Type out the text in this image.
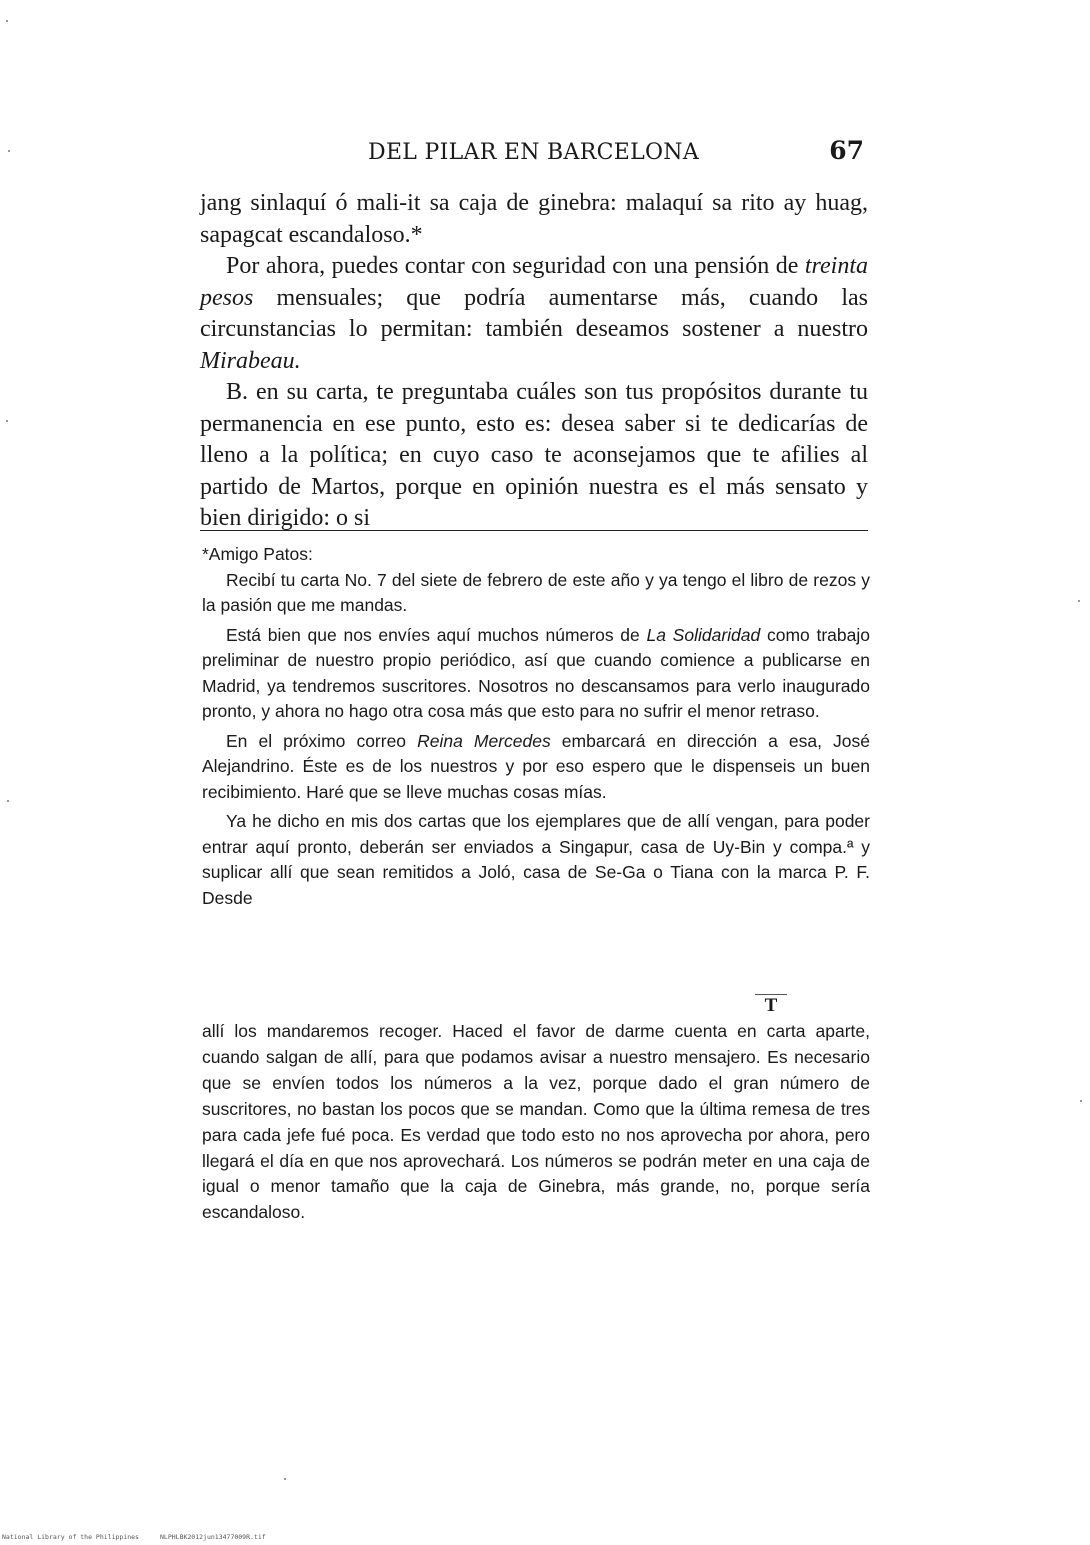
DEL PILAR EN BARCELONA	67

jang sinlaquí ó mali-it sa caja de ginebra: malaquí sa rito ay huag, sapagcat escandaloso.*

Por ahora, puedes contar con seguridad con una pensión de treinta pesos mensuales; que podría aumentarse más, cuando las circunstancias lo permitan: también deseamos sostener a nuestro Mirabeau.

B. en su carta, te preguntaba cuáles son tus propósitos durante tu permanencia en ese punto, esto es: desea saber si te dedicarías de lleno a la política; en cuyo caso te aconsejamos que te afilies al partido de Martos, porque en opinión nuestra es el más sensato y bien dirigido: o si

*Amigo Patos:

Recibí tu carta No. 7 del siete de febrero de este año y ya tengo el libro de rezos y la pasión que me mandas.

Está bien que nos envíes aquí muchos números de La Solidaridad como trabajo preliminar de nuestro propio periódico, así que cuando comience a publicarse en Madrid, ya tendremos suscritores. Nosotros no descansamos para verlo inaugurado pronto, y ahora no hago otra cosa más que esto para no sufrir el menor retraso.

En el próximo correo Reina Mercedes embarcará en dirección a esa, José Alejandrino. Éste es de los nuestros y por eso espero que le dispenseis un buen recibimiento. Haré que se lleve muchas cosas mías.

Ya he dicho en mis dos cartas que los ejemplares que de allí vengan, para poder entrar aquí pronto, deberán ser enviados a Singapur, casa de Uy-Bin y compa.ª y suplicar allí que sean remitidos a Joló, casa de Se-Ga o Tiana con la marca P. F. Desde

T

allí los mandaremos recoger. Haced el favor de darme cuenta en carta aparte, cuando salgan de allí, para que podamos avisar a nuestro mensajero. Es necesario que se envíen todos los números a la vez, porque dado el gran número de suscritores, no bastan los pocos que se mandan. Como que la última remesa de tres para cada jefe fué poca. Es verdad que todo esto no nos aprovecha por ahora, pero llegará el día en que nos aprovechará. Los números se podrán meter en una caja de igual o menor tamaño que la caja de Ginebra, más grande, no, porque sería escandaloso.

National Library of the Philippines	NLPHLBK2012jun13477009R.tif
